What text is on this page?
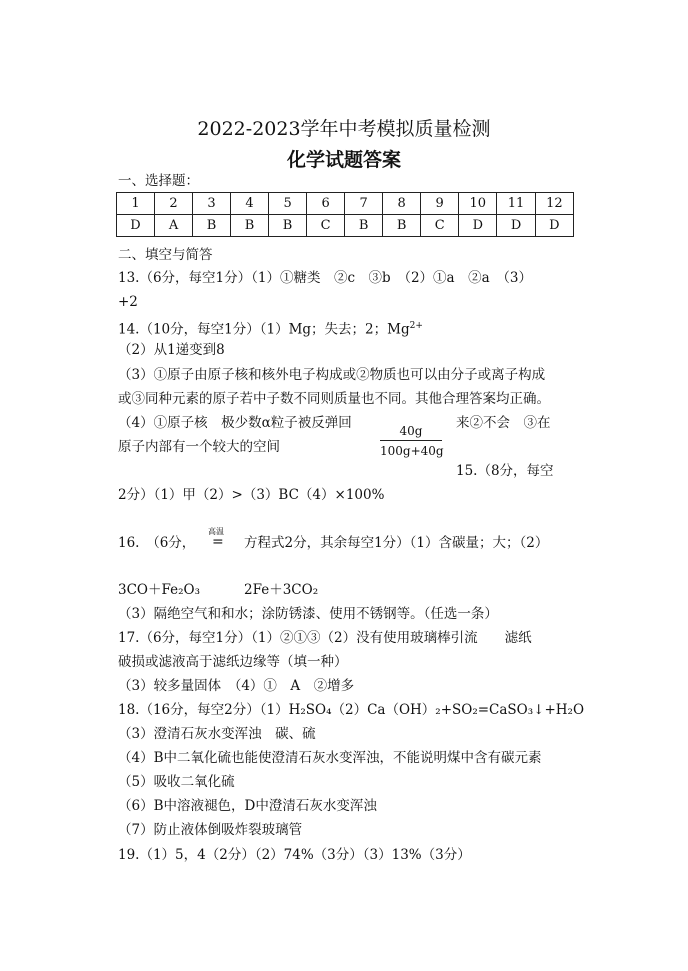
2022-2023学年中考模拟质量检测
化学试题答案
一、选择题：
1	2	3	4	5	6	7	8	9	10	11	12
D	A	B	B	B	C	B	B	C	D	D	D
二、填空与简答
13.（6分，每空1分）（1）①糖类　②c　③b　（2）①a　②a　（3）
+2
14.（10分，每空1分）（1）Mg；失去；2；$Mg^{2+}$
（2）从1递变到8
（3）①原子由原子核和核外电子构成或②物质也可以由分子或离子构成
或③同种元素的原子若中子数不同则质量也不同。其他合理答案均正确。
（4）①原子核　极少数α粒子被反弹回	来②不会　③在
原子内部有一个较大的空间	$\frac{40g}{100g+40g}$
15.（8分，每空
2分）（1）甲（2）>（3）BC（4）×100%
高温
=
16.　（6分，	方程式2分，其余每空1分）（1）含碳量；大；（2）
3CO＋Fe₂O₃	2Fe＋3CO₂
（3）隔绝空气和和水；涂防锈漆、使用不锈钢等。（任选一条）
17.（6分，每空1分）（1）②①③（2）没有使用玻璃棒引流　　滤纸
破损或滤液高于滤纸边缘等（填一种）
（3）较多量固体　（4）①　A　②增多
18.（16分，每空2分）（1）H₂SO₄（2）Ca（OH）₂+SO₂=CaSO₃↓+H₂O
（3）澄清石灰水变浑浊　碳、硫
（4）B中二氧化硫也能使澄清石灰水变浑浊，不能说明煤中含有碳元素
（5）吸收二氧化硫
（6）B中溶液褪色，D中澄清石灰水变浑浊
（7）防止液体倒吸炸裂玻璃管
19.（1）5，4（2分）（2）74%（3分）（3）13%（3分）
